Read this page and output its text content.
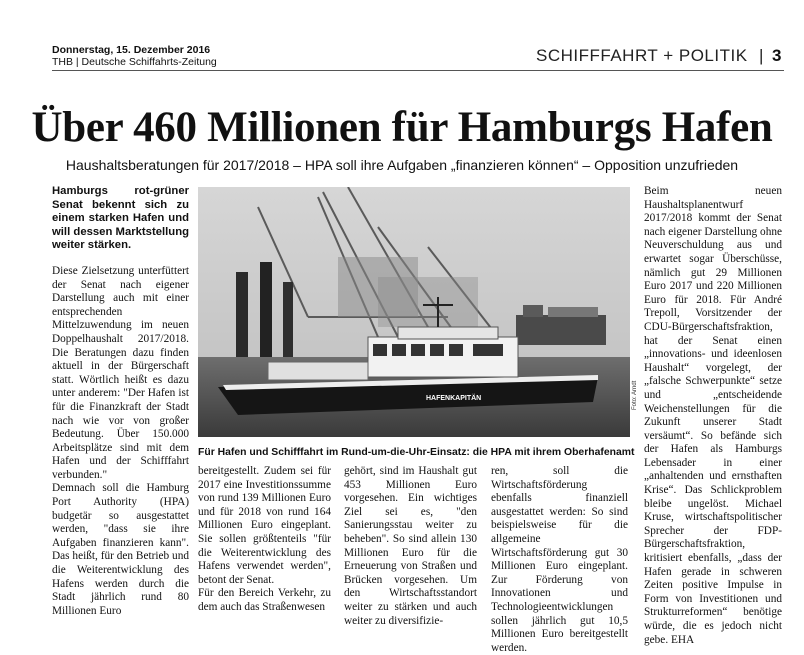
Donnerstag, 15. Dezember 2016
THB | Deutsche Schiffahrts-Zeitung	SCHIFFFAHRT + POLITIK | 3
Über 460 Millionen für Hamburgs Hafen
Haushaltsberatungen für 2017/2018 – HPA soll ihre Aufgaben „finanzieren können“ – Opposition unzufrieden

Hamburgs rot-grüner Senat bekennt sich zu einem starken Hafen und will dessen Marktstellung weiter stärken.

Diese Zielsetzung unterfüttert der Senat nach eigener Darstellung auch mit einer entsprechenden Mittelzuwendung im neuen Doppelhaushalt 2017/2018. Die Beratungen dazu finden aktuell in der Bürgerschaft statt. Wörtlich heißt es dazu unter anderem: "Der Hafen ist für die Finanzkraft der Stadt nach wie vor von großer Bedeutung. Über 150.000 Arbeitsplätze sind mit dem Hafen und der Schifffahrt verbunden."

Demnach soll die Hamburg Port Authority (HPA) budgetär so ausgestattet werden, "dass sie ihre Aufgaben finanzieren kann". Das heißt, für den Betrieb und die Weiterentwicklung des Hafens werden durch die Stadt jährlich rund 80 Millionen Euro

HAFENKAPITÄN	Foto: Arndt
Für Hafen und Schifffahrt im Rund-um-die-Uhr-Einsatz: die HPA mit ihrem Oberhafenamt

bereitgestellt. Zudem sei für 2017 eine Investitionssumme von rund 139 Millionen Euro und für 2018 von rund 164 Millionen Euro eingeplant. Sie sollen größtenteils "für die Weiterentwicklung des Hafens verwendet werden", betont der Senat.

Für den Bereich Verkehr, zu dem auch das Straßenwesen

gehört, sind im Haushalt gut 453 Millionen Euro vorgesehen. Ein wichtiges Ziel sei es, "den Sanierungsstau weiter zu beheben". So sind allein 130 Millionen Euro für die Erneuerung von Straßen und Brücken vorgesehen. Um den Wirtschaftsstandort weiter zu stärken und auch weiter zu diversifizie-

ren, soll die Wirtschaftsförderung ebenfalls finanziell ausgestattet werden: So sind beispielsweise für die allgemeine Wirtschaftsförderung gut 30 Millionen Euro eingeplant. Zur Förderung von Innovationen und Technologieentwicklungen sollen jährlich gut 10,5 Millionen Euro bereitgestellt werden.

Beim neuen Haushaltsplanentwurf 2017/2018 kommt der Senat nach eigener Darstellung ohne Neuverschuldung aus und erwartet sogar Überschüsse, nämlich gut 29 Millionen Euro 2017 und 220 Millionen Euro für 2018. Für André Trepoll, Vorsitzender der CDU-Bürgerschaftsfraktion, hat der Senat einen „innovations- und ideenlosen Haushalt“ vorgelegt, der „falsche Schwerpunkte“ setze und „entscheidende Weichenstellungen für die Zukunft unserer Stadt versäumt“. So befände sich der Hafen als Hamburgs Lebensader in einer „anhaltenden und ernsthaften Krise“. Das Schlickproblem bleibe ungelöst. Michael Kruse, wirtschaftspolitischer Sprecher der FDP-Bürgerschaftsfraktion, kritisiert ebenfalls, „dass der Hafen gerade in schweren Zeiten positive Impulse in Form von Investitionen und Strukturreformen“ benötige würde, die es jedoch nicht gebe. EHA
